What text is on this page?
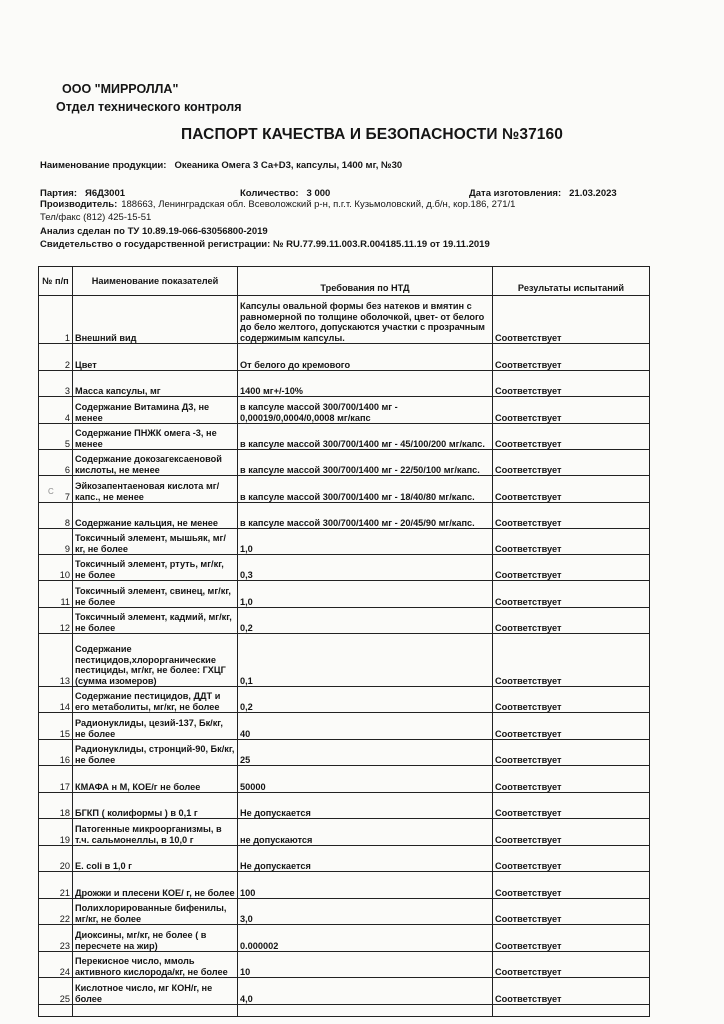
ООО "МИРРОЛЛА"
Отдел технического контроля
ПАСПОРТ КАЧЕСТВА И БЕЗОПАСНОСТИ №37160
Наименование продукции: Океаника Омега 3 Са+D3, капсулы, 1400 мг, №30
Партия: Я6Д3001	Количество: 3 000	Дата изготовления: 21.03.2023
Производитель: 188663, Ленинградская обл. Всеволожский р-н, п.г.т. Кузьмоловский, д.б/н, кор.186, 271/1
Тел/факс (812) 425-15-51
Анализ сделан по ТУ 10.89.19-066-63056800-2019
Свидетельство о государственной регистрации: № RU.77.99.11.003.R.004185.11.19 от 19.11.2019
№ п/п	Наименование показателей	Требования по НТД	Результаты испытаний
1	Внешний вид	Капсулы овальной формы без натеков и вмятин с равномерной по толщине оболочкой, цвет- от белого до бело желтого, допускаются участки с прозрачным содержимым капсулы.	Соответствует
2	Цвет	От белого до кремового	Соответствует
3	Масса капсулы, мг	1400 мг+/-10%	Соответствует
4	Содержание Витамина Д3, не менее	в капсуле массой 300/700/1400 мг - 0,00019/0,0004/0,0008 мг/капс	Соответствует
5	Содержание ПНЖК омега -3, не менее	в капсуле массой 300/700/1400 мг - 45/100/200 мг/капс.	Соответствует
6	Содержание докозагексаеновой кислоты, не менее	в капсуле массой 300/700/1400 мг - 22/50/100 мг/капс.	Соответствует
7	Эйкозапентаеновая кислота мг/капс., не менее	в капсуле массой 300/700/1400 мг - 18/40/80 мг/капс.	Соответствует
8	Содержание кальция, не менее	в капсуле массой 300/700/1400 мг - 20/45/90 мг/капс.	Соответствует
9	Токсичный элемент, мышьяк, мг/кг, не более	1,0	Соответствует
10	Токсичный элемент, ртуть, мг/кг, не более	0,3	Соответствует
11	Токсичный элемент, свинец, мг/кг, не более	1,0	Соответствует
12	Токсичный элемент, кадмий, мг/кг, не более	0,2	Соответствует
13	Содержание пестицидов,хлорорганические пестициды, мг/кг, не более: ГХЦГ (сумма изомеров)	0,1	Соответствует
14	Содержание пестицидов, ДДТ и его метаболиты, мг/кг, не более	0,2	Соответствует
15	Радионуклиды, цезий-137, Бк/кг, не более	40	Соответствует
16	Радионуклиды, стронций-90, Бк/кг, не более	25	Соответствует
17	КМАФА н М, КОЕ/г не более	50000	Соответствует
18	БГКП ( колиформы ) в 0,1 г	Не допускается	Соответствует
19	Патогенные микроорганизмы, в т.ч. сальмонеллы, в 10,0 г	не допускаются	Соответствует
20	E. coli в 1,0 г	Не допускается	Соответствует
21	Дрожжи и плесени КОЕ/ г, не более	100	Соответствует
22	Полихлорированные бифенилы, мг/кг, не более	3,0	Соответствует
23	Диоксины, мг/кг, не более ( в пересчете на жир)	0.000002	Соответствует
24	Перекисное число, ммоль активного кислорода/кг, не более	10	Соответствует
25	Кислотное число, мг КОН/г, не более	4,0	Соответствует

С
